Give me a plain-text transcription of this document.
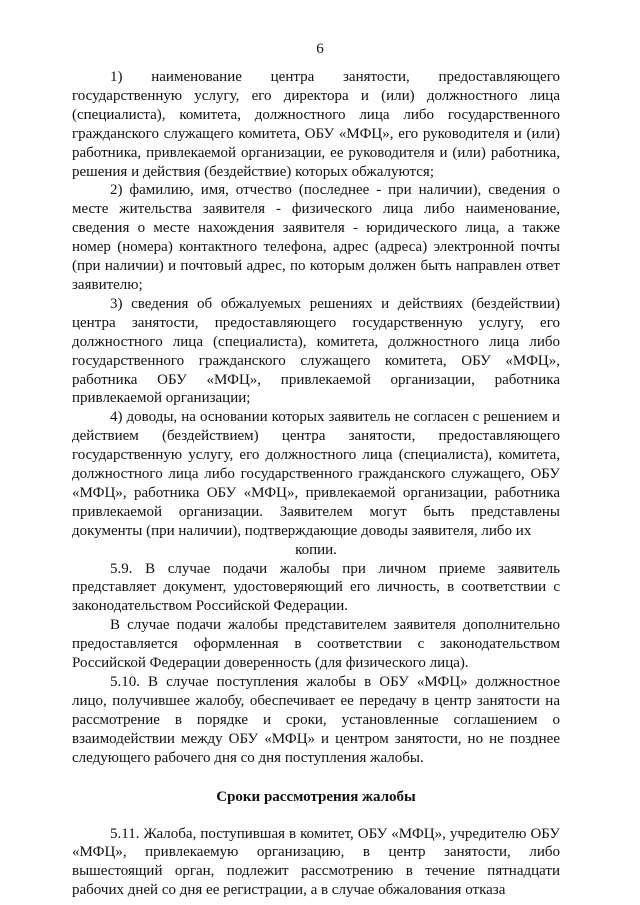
6

1) наименование центра занятости, предоставляющего государственную услугу, его директора и (или) должностного лица (специалиста), комитета, должностного лица либо государственного гражданского служащего комитета, ОБУ «МФЦ», его руководителя и (или) работника, привлекаемой организации, ее руководителя и (или) работника, решения и действия (бездействие) которых обжалуются;

2) фамилию, имя, отчество (последнее - при наличии), сведения о месте жительства заявителя - физического лица либо наименование, сведения о месте нахождения заявителя - юридического лица, а также номер (номера) контактного телефона, адрес (адреса) электронной почты (при наличии) и почтовый адрес, по которым должен быть направлен ответ заявителю;

3) сведения об обжалуемых решениях и действиях (бездействии) центра занятости, предоставляющего государственную услугу, его должностного лица (специалиста), комитета, должностного лица либо государственного гражданского служащего комитета, ОБУ «МФЦ», работника ОБУ «МФЦ», привлекаемой организации, работника привлекаемой организации;

4) доводы, на основании которых заявитель не согласен с решением и действием (бездействием) центра занятости, предоставляющего государственную услугу, его должностного лица (специалиста), комитета, должностного лица либо государственного гражданского служащего, ОБУ «МФЦ», работника ОБУ «МФЦ», привлекаемой организации, работника привлекаемой организации. Заявителем могут быть представлены документы (при наличии), подтверждающие доводы заявителя, либо их

копии.

5.9. В случае подачи жалобы при личном приеме заявитель представляет документ, удостоверяющий его личность, в соответствии с законодательством Российской Федерации.

В случае подачи жалобы представителем заявителя дополнительно предоставляется оформленная в соответствии с законодательством Российской Федерации доверенность (для физического лица).

5.10. В случае поступления жалобы в ОБУ «МФЦ» должностное лицо, получившее жалобу, обеспечивает ее передачу в центр занятости на рассмотрение в порядке и сроки, установленные соглашением о взаимодействии между ОБУ «МФЦ» и центром занятости, но не позднее следующего рабочего дня со дня поступления жалобы.

Сроки рассмотрения жалобы

5.11. Жалоба, поступившая в комитет, ОБУ «МФЦ», учредителю ОБУ «МФЦ», привлекаемую организацию, в центр занятости, либо вышестоящий орган, подлежит рассмотрению в течение пятнадцати рабочих дней со дня ее регистрации, а в случае обжалования отказа
